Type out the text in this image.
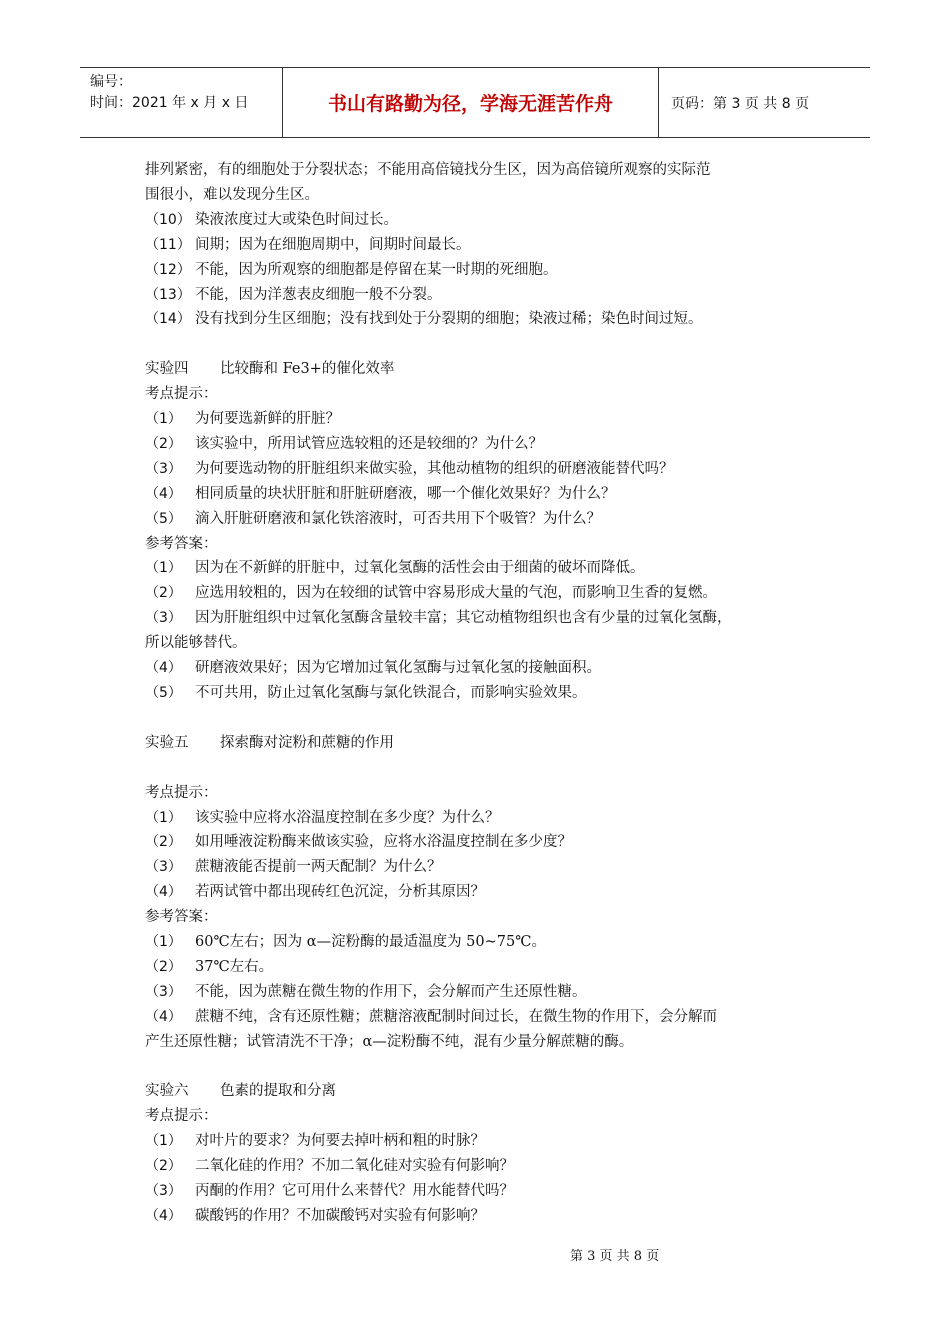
编号：
时间：2021 年 x 月 x 日	书山有路勤为径，学海无涯苦作舟	页码：第 3 页 共 8 页
排列紧密，有的细胞处于分裂状态；不能用高倍镜找分生区，因为高倍镜所观察的实际范
围很小，难以发现分生区。
（10） 染液浓度过大或染色时间过长。
（11） 间期；因为在细胞周期中，间期时间最长。
（12） 不能，因为所观察的细胞都是停留在某一时期的死细胞。
（13） 不能，因为洋葱表皮细胞一般不分裂。
（14） 没有找到分生区细胞；没有找到处于分裂期的细胞；染液过稀；染色时间过短。
实验四 比较酶和 Fe3+的催化效率
考点提示：
（1） 为何要选新鲜的肝脏？
（2） 该实验中，所用试管应选较粗的还是较细的？为什么？
（3） 为何要选动物的肝脏组织来做实验，其他动植物的组织的研磨液能替代吗？
（4） 相同质量的块状肝脏和肝脏研磨液，哪一个催化效果好？为什么？
（5） 滴入肝脏研磨液和氯化铁溶液时，可否共用下个吸管？为什么？
参考答案：
（1） 因为在不新鲜的肝脏中，过氧化氢酶的活性会由于细菌的破坏而降低。
（2） 应选用较粗的，因为在较细的试管中容易形成大量的气泡，而影响卫生香的复燃。
（3） 因为肝脏组织中过氧化氢酶含量较丰富；其它动植物组织也含有少量的过氧化氢酶，
所以能够替代。
（4） 研磨液效果好；因为它增加过氧化氢酶与过氧化氢的接触面积。
（5） 不可共用，防止过氧化氢酶与氯化铁混合，而影响实验效果。
实验五 探索酶对淀粉和蔗糖的作用
考点提示：
（1） 该实验中应将水浴温度控制在多少度？为什么？
（2） 如用唾液淀粉酶来做该实验，应将水浴温度控制在多少度？
（3） 蔗糖液能否提前一两天配制？为什么？
（4） 若两试管中都出现砖红色沉淀，分析其原因？
参考答案：
（1） 60℃左右；因为 α—淀粉酶的最适温度为 50~75℃。
（2） 37℃左右。
（3） 不能，因为蔗糖在微生物的作用下，会分解而产生还原性糖。
（4） 蔗糖不纯，含有还原性糖；蔗糖溶液配制时间过长，在微生物的作用下，会分解而
产生还原性糖；试管清洗不干净；α—淀粉酶不纯，混有少量分解蔗糖的酶。
实验六 色素的提取和分离
考点提示：
（1） 对叶片的要求？为何要去掉叶柄和粗的时脉？
（2） 二氧化硅的作用？不加二氧化硅对实验有何影响？
（3） 丙酮的作用？它可用什么来替代？用水能替代吗？
（4） 碳酸钙的作用？不加碳酸钙对实验有何影响？
第 3 页 共 8 页
